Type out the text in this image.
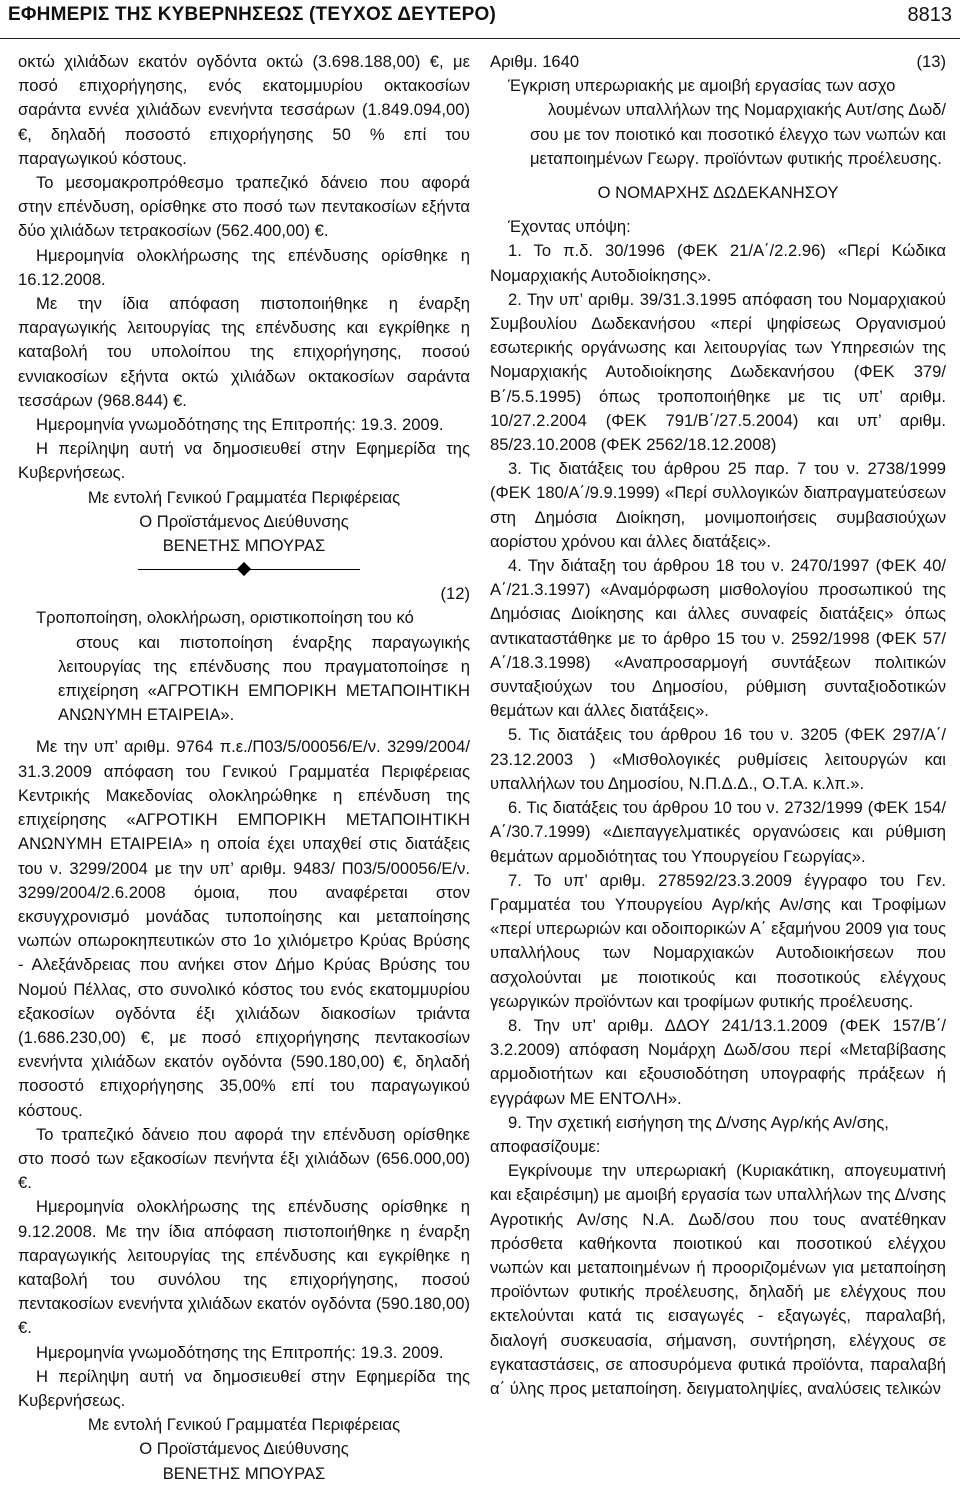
ΕΦΗΜΕΡΙΣ ΤΗΣ ΚΥΒΕΡΝΗΣΕΩΣ (ΤΕΥΧΟΣ ΔΕΥΤΕΡΟ)	8813

οκτώ χιλιάδων εκατόν ογδόντα οκτώ (3.698.188,00) €, με ποσό επιχορήγησης, ενός εκατομμυρίου οκτακοσίων σαράντα εννέα χιλιάδων ενενήντα τεσσάρων (1.849.094,00) €, δηλαδή ποσοστό επιχορήγησης 50 % επί του παραγωγικού κόστους.

Το μεσομακροπρόθεσμο τραπεζικό δάνειο που αφορά στην επένδυση, ορίσθηκε στο ποσό των πεντακοσίων εξήντα δύο χιλιάδων τετρακοσίων (562.400,00) €.

Ημερομηνία ολοκλήρωσης της επένδυσης ορίσθηκε η 16.12.2008.

Με την ίδια απόφαση πιστοποιήθηκε η έναρξη παραγωγικής λειτουργίας της επένδυσης και εγκρίθηκε η καταβολή του υπολοίπου της επιχορήγησης, ποσού εννιακοσίων εξήντα οκτώ χιλιάδων οκτακοσίων σαράντα τεσσάρων (968.844) €.

Ημερομηνία γνωμοδότησης της Επιτροπής: 19.3. 2009.

Η περίληψη αυτή να δημοσιευθεί στην Εφημερίδα της Κυβερνήσεως.

Με εντολή Γενικού Γραμματέα Περιφέρειας

Ο Προϊστάμενος Διεύθυνσης

ΒΕΝΕΤΗΣ ΜΠΟΥΡΑΣ

(12)

Τροποποίηση, ολοκλήρωση, οριστικοποίηση του κό
στους και πιστοποίηση έναρξης παραγωγικής λειτουργίας της επένδυσης που πραγματοποίησε η επιχείρηση «ΑΓΡΟΤΙΚΗ ΕΜΠΟΡΙΚΗ ΜΕΤΑΠΟΙΗΤΙΚΗ ΑΝΩΝΥΜΗ ΕΤΑΙΡΕΙΑ».

Με την υπ’ αριθμ. 9764 π.ε./Π03/5/00056/Ε/ν. 3299/2004/ 31.3.2009 απόφαση του Γενικού Γραμματέα Περιφέρειας Κεντρικής Μακεδονίας ολοκληρώθηκε η επένδυση της επιχείρησης «ΑΓΡΟΤΙΚΗ ΕΜΠΟΡΙΚΗ ΜΕΤΑΠΟΙΗΤΙΚΗ ΑΝΩΝΥΜΗ ΕΤΑΙΡΕΙΑ» η οποία έχει υπαχθεί στις διατάξεις του ν. 3299/2004 με την υπ’ αριθμ. 9483/ Π03/5/00056/Ε/ν. 3299/2004/2.6.2008 όμοια, που αναφέρεται στον εκσυγχρονισμό μονάδας τυποποίησης και μεταποίησης νωπών οπωροκηπευτικών στο 1ο χιλιόμετρο Κρύας Βρύσης - Αλεξάνδρειας που ανήκει στον Δήμο Κρύας Βρύσης του Νομού Πέλλας, στο συνολικό κόστος του ενός εκατομμυρίου εξακοσίων ογδόντα έξι χιλιάδων διακοσίων τριάντα (1.686.230,00) €, με ποσό επιχορήγησης πεντακοσίων ενενήντα χιλιάδων εκατόν ογδόντα (590.180,00) €, δηλαδή ποσοστό επιχορήγησης 35,00% επί του παραγωγικού κόστους.

Το τραπεζικό δάνειο που αφορά την επένδυση ορίσθηκε στο ποσό των εξακοσίων πενήντα έξι χιλιάδων (656.000,00) €.

Ημερομηνία ολοκλήρωσης της επένδυσης ορίσθηκε η 9.12.2008. Με την ίδια απόφαση πιστοποιήθηκε η έναρξη παραγωγικής λειτουργίας της επένδυσης και εγκρίθηκε η καταβολή του συνόλου της επιχορήγησης, ποσού πεντακοσίων ενενήντα χιλιάδων εκατόν ογδόντα (590.180,00) €.

Ημερομηνία γνωμοδότησης της Επιτροπής: 19.3. 2009.

Η περίληψη αυτή να δημοσιευθεί στην Εφημερίδα της Κυβερνήσεως.

Με εντολή Γενικού Γραμματέα Περιφέρειας

Ο Προϊστάμενος Διεύθυνσης

ΒΕΝΕΤΗΣ ΜΠΟΥΡΑΣ

Αριθμ. 1640	(13)

Έγκριση υπερωριακής με αμοιβή εργασίας των ασχο
λουμένων υπαλλήλων της Νομαρχιακής Αυτ/σης Δωδ/σου με τον ποιοτικό και ποσοτικό έλεγχο των νωπών και μεταποιημένων Γεωργ. προϊόντων φυτικής προέλευσης.

Ο ΝΟΜΑΡΧΗΣ ΔΩΔΕΚΑΝΗΣΟΥ

Έχοντας υπόψη:

1. Το π.δ. 30/1996 (ΦΕΚ 21/Α΄/2.2.96) «Περί Κώδικα Νομαρχιακής Αυτοδιοίκησης».

2. Την υπ’ αριθμ. 39/31.3.1995 απόφαση του Νομαρχιακού Συμβουλίου Δωδεκανήσου «περί ψηφίσεως Οργανισμού εσωτερικής οργάνωσης και λειτουργίας των Υπηρεσιών της Νομαρχιακής Αυτοδιοίκησης Δωδεκανήσου (ΦΕΚ 379/Β΄/5.5.1995) όπως τροποποιήθηκε με τις υπ’ αριθμ. 10/27.2.2004 (ΦΕΚ 791/Β΄/27.5.2004) και υπ’ αριθμ. 85/23.10.2008 (ΦΕΚ 2562/18.12.2008)

3. Τις διατάξεις του άρθρου 25 παρ. 7 του ν. 2738/1999 (ΦΕΚ 180/Α΄/9.9.1999) «Περί συλλογικών διαπραγματεύσεων στη Δημόσια Διοίκηση, μονιμοποιήσεις συμβασιούχων αορίστου χρόνου και άλλες διατάξεις».

4. Την διάταξη του άρθρου 18 του ν. 2470/1997 (ΦΕΚ 40/Α΄/21.3.1997) «Αναμόρφωση μισθολογίου προσωπικού της Δημόσιας Διοίκησης και άλλες συναφείς διατάξεις» όπως αντικαταστάθηκε με το άρθρο 15 του ν. 2592/1998 (ΦΕΚ 57/Α΄/18.3.1998) «Αναπροσαρμογή συντάξεων πολιτικών συνταξιούχων του Δημοσίου, ρύθμιση συνταξιοδοτικών θεμάτων και άλλες διατάξεις».

5. Τις διατάξεις του άρθρου 16 του ν. 3205 (ΦΕΚ 297/Α΄/ 23.12.2003 ) «Μισθολογικές ρυθμίσεις λειτουργών και υπαλλήλων του Δημοσίου, Ν.Π.Δ.Δ., Ο.Τ.Α. κ.λπ.».

6. Τις διατάξεις του άρθρου 10 του ν. 2732/1999 (ΦΕΚ 154/Α΄/30.7.1999) «Διεπαγγελματικές οργανώσεις και ρύθμιση θεμάτων αρμοδιότητας του Υπουργείου Γεωργίας».

7. Το υπ’ αριθμ. 278592/23.3.2009 έγγραφο του Γεν. Γραμματέα του Υπουργείου Αγρ/κής Αν/σης και Τροφίμων «περί υπερωριών και οδοιπορικών Α΄ εξαμήνου 2009 για τους υπαλλήλους των Νομαρχιακών Αυτοδιοικήσεων που ασχολούνται με ποιοτικούς και ποσοτικούς ελέγχους γεωργικών προϊόντων και τροφίμων φυτικής προέλευσης.

8. Την υπ’ αριθμ. ΔΔΟΥ 241/13.1.2009 (ΦΕΚ 157/Β΄/ 3.2.2009) απόφαση Νομάρχη Δωδ/σου περί «Μεταβίβασης αρμοδιοτήτων και εξουσιοδότηση υπογραφής πράξεων ή εγγράφων ΜΕ ΕΝΤΟΛΗ».

9. Την σχετική εισήγηση της Δ/νσης Αγρ/κής Αν/σης,

αποφασίζουμε:

Εγκρίνουμε την υπερωριακή (Κυριακάτικη, απογευματινή και εξαιρέσιμη) με αμοιβή εργασία των υπαλλήλων της Δ/νσης Αγροτικής Αν/σης Ν.Α. Δωδ/σου που τους ανατέθηκαν πρόσθετα καθήκοντα ποιοτικού και ποσοτικού ελέγχου νωπών και μεταποιημένων ή προοριζομένων για μεταποίηση προϊόντων φυτικής προέλευσης, δηλαδή με ελέγχους που εκτελούνται κατά τις εισαγωγές - εξαγωγές, παραλαβή, διαλογή συσκευασία, σήμανση, συντήρηση, ελέγχους σε εγκαταστάσεις, σε αποσυρόμενα φυτικά προϊόντα, παραλαβή α΄ ύλης προς μεταποίηση. δειγματοληψίες, αναλύσεις τελικών
